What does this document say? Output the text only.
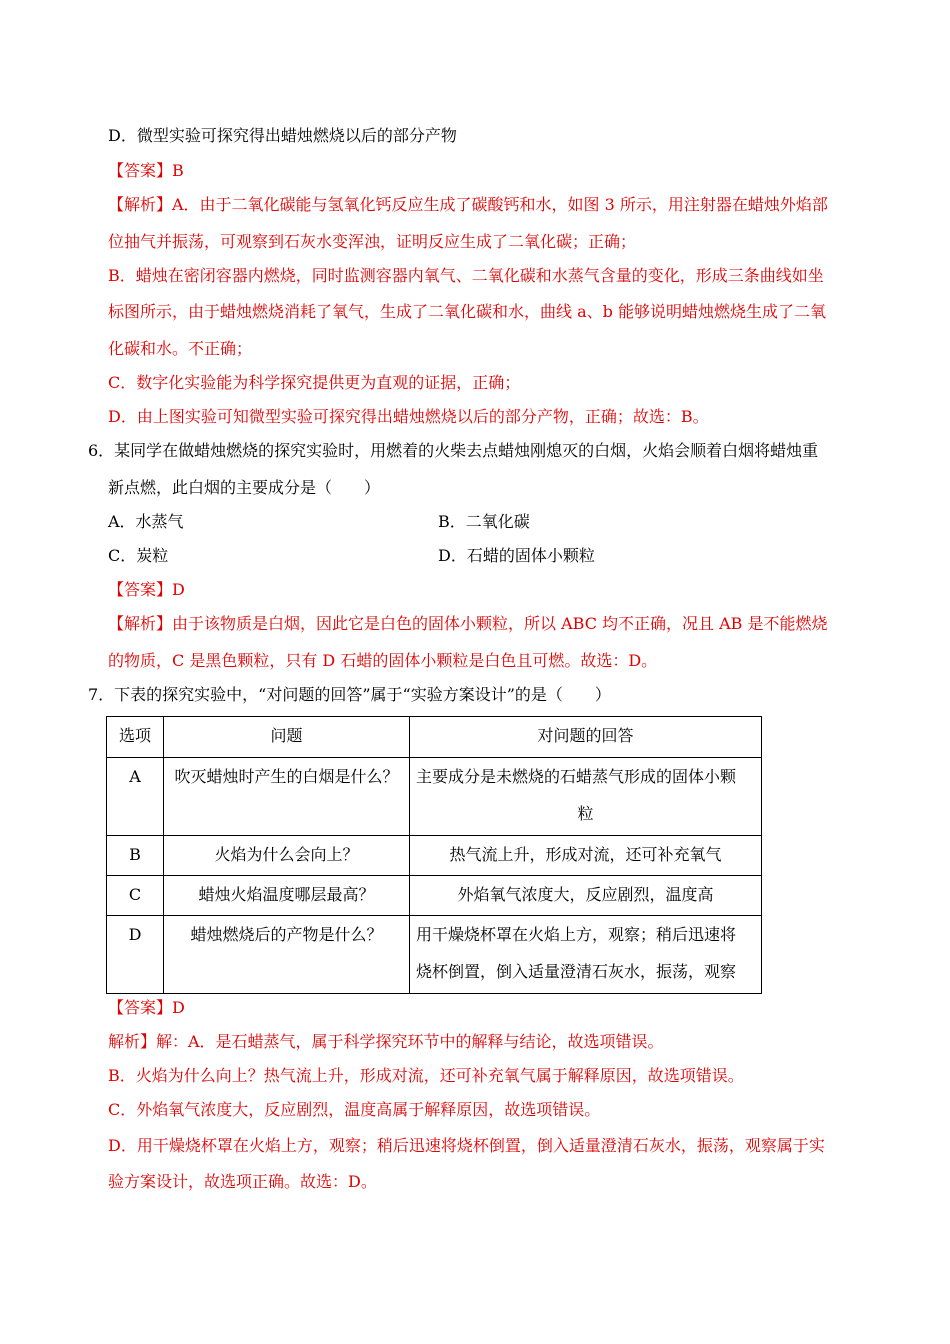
D．微型实验可探究得出蜡烛燃烧以后的部分产物
【答案】B
【解析】A．由于二氧化碳能与氢氧化钙反应生成了碳酸钙和水，如图 3 所示，用注射器在蜡烛外焰部
位抽气并振荡，可观察到石灰水变浑浊，证明反应生成了二氧化碳；正确；
B．蜡烛在密闭容器内燃烧，同时监测容器内氧气、二氧化碳和水蒸气含量的变化，形成三条曲线如坐
标图所示，由于蜡烛燃烧消耗了氧气，生成了二氧化碳和水，曲线 a、b 能够说明蜡烛燃烧生成了二氧
化碳和水。不正确；
C．数字化实验能为科学探究提供更为直观的证据，正确；
D．由上图实验可知微型实验可探究得出蜡烛燃烧以后的部分产物，正确；故选：B。
6．某同学在做蜡烛燃烧的探究实验时，用燃着的火柴去点蜡烛刚熄灭的白烟，火焰会顺着白烟将蜡烛重
新点燃，此白烟的主要成分是（　　）
A．水蒸气	B．二氧化碳
C．炭粒	D．石蜡的固体小颗粒
【答案】D
【解析】由于该物质是白烟，因此它是白色的固体小颗粒，所以 ABC 均不正确，况且 AB 是不能燃烧
的物质，C 是黑色颗粒，只有 D 石蜡的固体小颗粒是白色且可燃。故选：D。
7．下表的探究实验中，“对问题的回答”属于“实验方案设计”的是（　　）
选项	问题	对问题的回答

A	吹灭蜡烛时产生的白烟是什么？	主要成分是未燃烧的石蜡蒸气形成的固体小颗
粒

B	火焰为什么会向上？	热气流上升，形成对流，还可补充氧气

C	蜡烛火焰温度哪层最高？	外焰氧气浓度大，反应剧烈，温度高

D	蜡烛燃烧后的产物是什么？	用干燥烧杯罩在火焰上方，观察；稍后迅速将
烧杯倒置，倒入适量澄清石灰水，振荡，观察
【答案】D
解析】解：A．是石蜡蒸气，属于科学探究环节中的解释与结论，故选项错误。
B．火焰为什么向上？热气流上升，形成对流，还可补充氧气属于解释原因，故选项错误。
C．外焰氧气浓度大，反应剧烈，温度高属于解释原因，故选项错误。
D．用干燥烧杯罩在火焰上方，观察；稍后迅速将烧杯倒置，倒入适量澄清石灰水，振荡，观察属于实
验方案设计，故选项正确。故选：D。
